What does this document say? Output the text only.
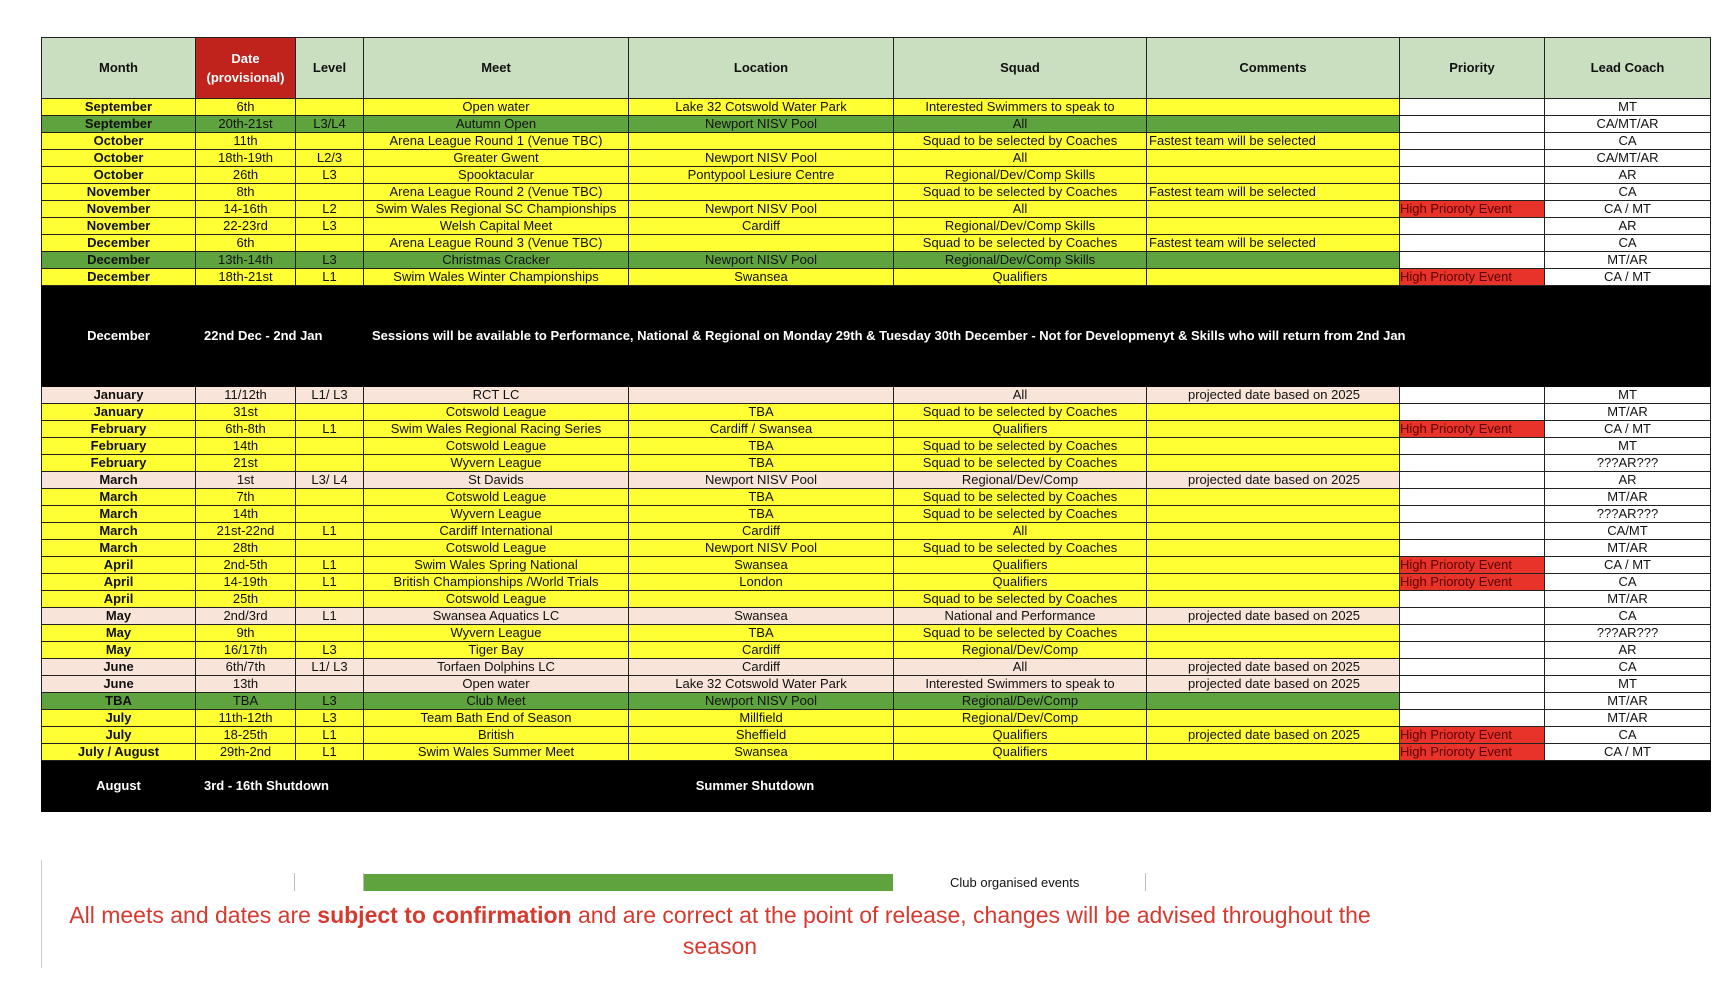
Month	Date (provisional)	Level	Meet	Location	Squad	Comments	Priority	Lead Coach
September	6th		Open water	Lake 32 Cotswold Water Park	Interested Swimmers to speak to			MT
September	20th-21st	L3/L4	Autumn Open	Newport NISV Pool	All			CA/MT/AR
October	11th		Arena League Round 1 (Venue TBC)		Squad to be selected by Coaches	Fastest team will be selected		CA
October	18th-19th	L2/3	Greater Gwent	Newport NISV Pool	All			CA/MT/AR
October	26th	L3	Spooktacular	Pontypool Lesiure Centre	Regional/Dev/Comp Skills			AR
November	8th		Arena League Round 2 (Venue TBC)		Squad to be selected by Coaches	Fastest team will be selected		CA
November	14-16th	L2	Swim Wales Regional SC Championships	Newport NISV Pool	All		High Prioroty Event	CA / MT
November	22-23rd	L3	Welsh Capital Meet	Cardiff	Regional/Dev/Comp Skills			AR
December	6th		Arena League Round 3 (Venue TBC)		Squad to be selected by Coaches	Fastest team will be selected		CA
December	13th-14th	L3	Christmas Cracker	Newport NISV Pool	Regional/Dev/Comp Skills			MT/AR
December	18th-21st	L1	Swim Wales Winter Championships	Swansea	Qualifiers		High Prioroty Event	CA / MT
December	22nd Dec - 2nd Jan		Sessions will be available to Performance, National & Regional on Monday 29th & Tuesday 30th December - Not for Developmenyt & Skills who will return from 2nd Jan					
January	11/12th	L1/ L3	RCT LC		All	projected date based on 2025		MT
January	31st		Cotswold League	TBA	Squad to be selected by Coaches			MT/AR
February	6th-8th	L1	Swim Wales Regional Racing Series	Cardiff / Swansea	Qualifiers		High Prioroty Event	CA / MT
February	14th		Cotswold League	TBA	Squad to be selected by Coaches			MT
February	21st		Wyvern League	TBA	Squad to be selected by Coaches			???AR???
March	1st	L3/ L4	St Davids	Newport NISV Pool	Regional/Dev/Comp	projected date based on 2025		AR
March	7th		Cotswold League	TBA	Squad to be selected by Coaches			MT/AR
March	14th		Wyvern League	TBA	Squad to be selected by Coaches			???AR???
March	21st-22nd	L1	Cardiff International	Cardiff	All			CA/MT
March	28th		Cotswold League	Newport NISV Pool	Squad to be selected by Coaches			MT/AR
April	2nd-5th	L1	Swim Wales Spring National	Swansea	Qualifiers		High Prioroty Event	CA / MT
April	14-19th	L1	British Championships /World Trials	London	Qualifiers		High Prioroty Event	CA
April	25th		Cotswold League		Squad to be selected by Coaches			MT/AR
May	2nd/3rd	L1	Swansea Aquatics LC	Swansea	National and Performance	projected date based on 2025		CA
May	9th		Wyvern League	TBA	Squad to be selected by Coaches			???AR???
May	16/17th	L3	Tiger Bay	Cardiff	Regional/Dev/Comp			AR
June	6th/7th	L1/ L3	Torfaen Dolphins LC	Cardiff	All	projected date based on 2025		CA
June	13th		Open water	Lake 32 Cotswold Water Park	Interested Swimmers to speak to	projected date based on 2025		MT
TBA	TBA	L3	Club Meet	Newport NISV Pool	Regional/Dev/Comp			MT/AR
July	11th-12th	L3	Team Bath End of Season	Millfield	Regional/Dev/Comp			MT/AR
July	18-25th	L1	British	Sheffield	Qualifiers	projected date based on 2025	High Prioroty Event	CA
July / August	29th-2nd	L1	Swim Wales Summer Meet	Swansea	Qualifiers		High Prioroty Event	CA / MT
August	3rd - 16th Shutdown		Summer Shutdown					
Club organised events
All meets and dates are subject to confirmation and are correct at the point of release, changes will be advised throughout the season
